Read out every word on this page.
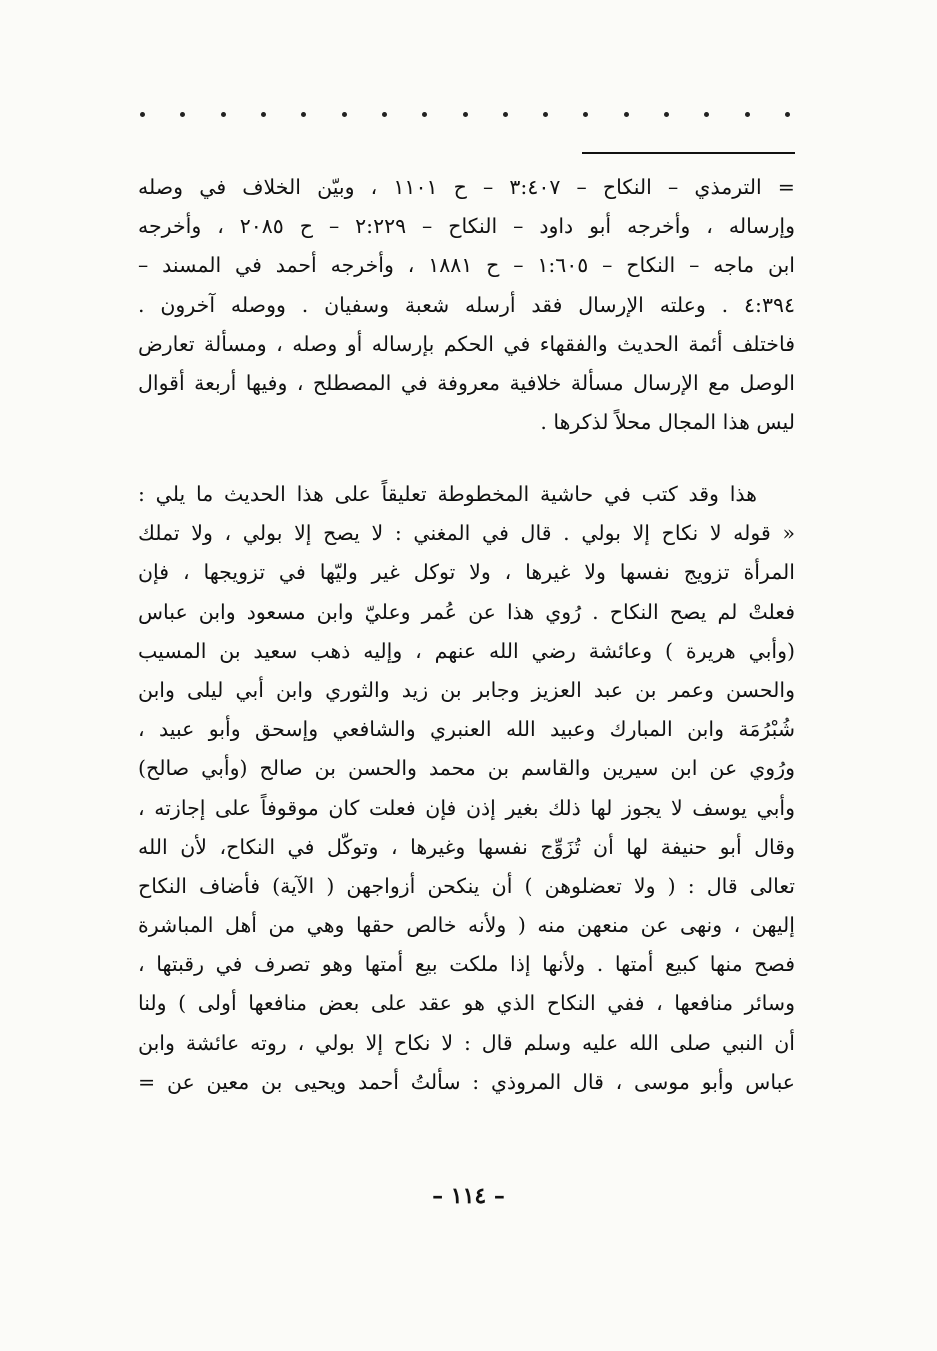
= الترمذي – النكاح – ٣:٤٠٧ – ح ١١٠١ ، وبيّن الخلاف في وصله
وإرساله ، وأخرجه أبو داود – النكاح – ٢:٢٢٩ – ح ٢٠٨٥ ، وأخرجه
ابن ماجه – النكاح – ١:٦٠٥ – ح ١٨٨١ ، وأخرجه أحمد في المسند –
٤:٣٩٤ . وعلته الإرسال فقد أرسله شعبة وسفيان . ووصله آخرون .
فاختلف أئمة الحديث والفقهاء في الحكم بإرساله أو وصله ، ومسألة تعارض
الوصل مع الإرسال مسألة خلافية معروفة في المصطلح ، وفيها أربعة أقوال
ليس هذا المجال محلاً لذكرها .
هذا وقد كتب في حاشية المخطوطة تعليقاً على هذا الحديث ما يلي :
« قوله لا نكاح إلا بولي . قال في المغني : لا يصح إلا بولي ، ولا تملك
المرأة تزويج نفسها ولا غيرها ، ولا توكل غير وليّها في تزويجها ، فإن
فعلتْ لم يصح النكاح . رُوي هذا عن عُمر وعليّ وابن مسعود وابن عباس
(وأبي هريرة ) وعائشة رضي الله عنهم ، وإليه ذهب سعيد بن المسيب
والحسن وعمر بن عبد العزيز وجابر بن زيد والثوري وابن أبي ليلى وابن
شُبْرُمَة وابن المبارك وعبيد الله العنبري والشافعي وإسحق وأبو عبيد ،
ورُوي عن ابن سيرين والقاسم بن محمد والحسن بن صالح (وأبي صالح)
وأبي يوسف لا يجوز لها ذلك بغير إذن فإن فعلت كان موقوفاً على إجازته ،
وقال أبو حنيفة لها أن تُزَوِّج نفسها وغيرها ، وتوكّل في النكاح، لأن الله
تعالى قال : ( ولا تعضلوهن ) أن ينكحن أزواجهن ( الآية) فأضاف النكاح
إليهن ، ونهى عن منعهن منه ( ولأنه خالص حقها وهي من أهل المباشرة
فصح منها كبيع أمتها . ولأنها إذا ملكت بيع أمتها وهو تصرف في رقبتها ،
وسائر منافعها ، ففي النكاح الذي هو عقد على بعض منافعها أولى ) ولنا
أن النبي صلى الله عليه وسلم قال : لا نكاح إلا بولي ، روته عائشة وابن
عباس وأبو موسى ، قال المروذي : سألتُ أحمد ويحيى بن معين عن =
– ١١٤ –
